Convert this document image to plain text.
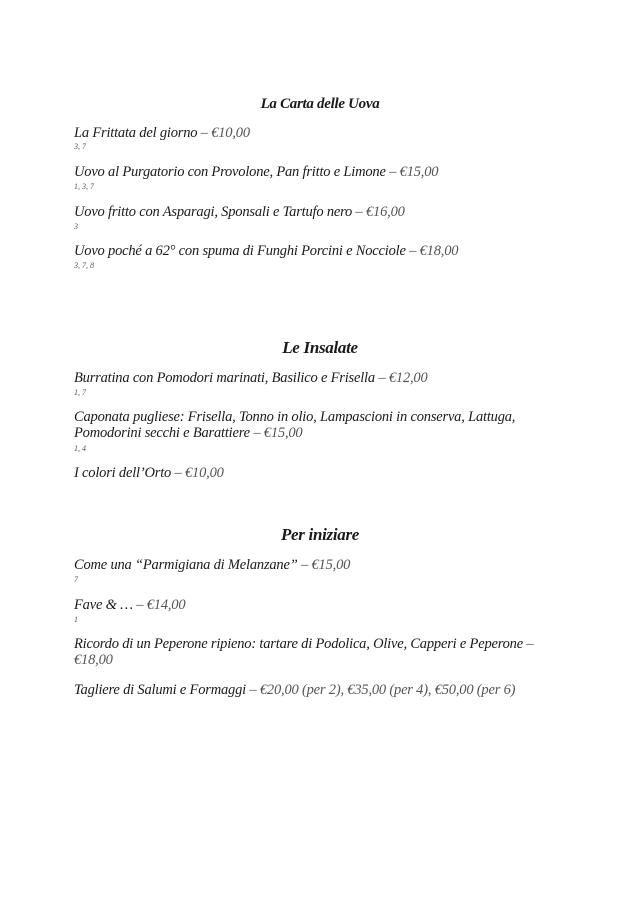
La Carta delle Uova
La Frittata del giorno – €10,00
3, 7
Uovo al Purgatorio con Provolone, Pan fritto e Limone – €15,00
1, 3, 7
Uovo fritto con Asparagi, Sponsali e Tartufo nero – €16,00
3
Uovo poché a 62° con spuma di Funghi Porcini e Nocciole – €18,00
3, 7, 8
Le Insalate
Burratina con Pomodori marinati, Basilico e Frisella – €12,00
1, 7
Caponata pugliese: Frisella, Tonno in olio, Lampascioni in conserva, Lattuga, Pomodorini secchi e Barattiere – €15,00
1, 4
I colori dell’Orto – €10,00
Per iniziare
Come una “Parmigiana di Melanzane” – €15,00
7
Fave & … – €14,00
1
Ricordo di un Peperone ripieno: tartare di Podolica, Olive, Capperi e Peperone – €18,00
Tagliere di Salumi e Formaggi – €20,00 (per 2), €35,00 (per 4), €50,00 (per 6)
